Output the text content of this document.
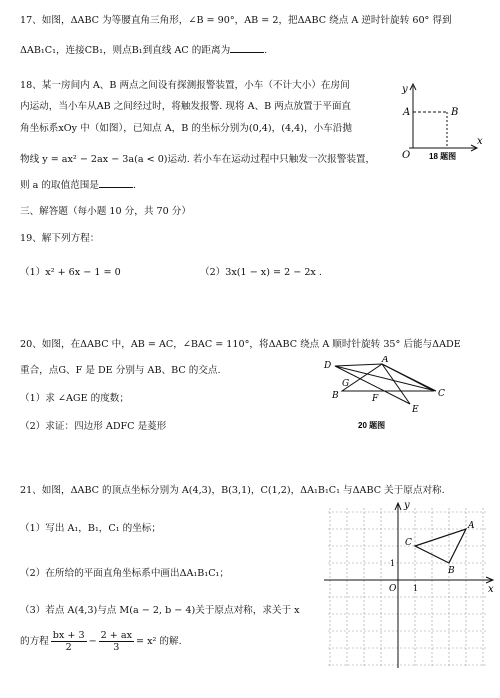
17、如图，ΔABC 为等腰直角三角形，∠B = 90°，AB = 2，把ΔABC 绕点 A 逆时针旋转 60° 得到
ΔAB₁C₁，连接CB₁，则点B₁到直线 AC 的距离为	.
18、某一房间内 A、B 两点之间设有探测报警装置，小车（不计大小）在房间
内运动，当小车从AB 之间经过时，将触发报警. 现将 A、B 两点放置于平面直
角坐标系xOy 中（如图），已知点 A，B 的坐标分别为(0,4)，(4,4)，小车沿抛
物线 y = ax² − 2ax − 3a(a < 0)运动. 若小车在运动过程中只触发一次报警装置，
则 a 的取值范围是	.
y
x
O
A	B
18 题图
三、解答题（每小题 10 分，共 70 分）
19、解下列方程：
（1）x² + 6x − 1 = 0	（2）3x(1 − x) = 2 − 2x .
20、如图，在ΔABC 中，AB = AC，∠BAC = 110°，将ΔABC 绕点 A 顺时针旋转 35° 后能与ΔADE
重合，点G、F 是 DE 分别与 AB、BC 的交点.
（1）求 ∠AGE 的度数；
（2）求证：四边形 ADFC 是菱形
D
A
G
B	F	C
E
20 题图
21、如图，ΔABC 的顶点坐标分别为 A(4,3)，B(3,1)，C(1,2)，ΔA₁B₁C₁ 与ΔABC 关于原点对称.
（1）写出 A₁，B₁，C₁ 的坐标；
（2）在所给的平面直角坐标系中画出ΔA₁B₁C₁；
（3）若点 A(4,3)与点 M(a − 2, b − 4)关于原点对称，求关于 x
的方程 $\frac{bx + 3}{2} - \frac{2 + ax}{3} = x^2$ 的解.
y
x
O 1
1
A
B
C
